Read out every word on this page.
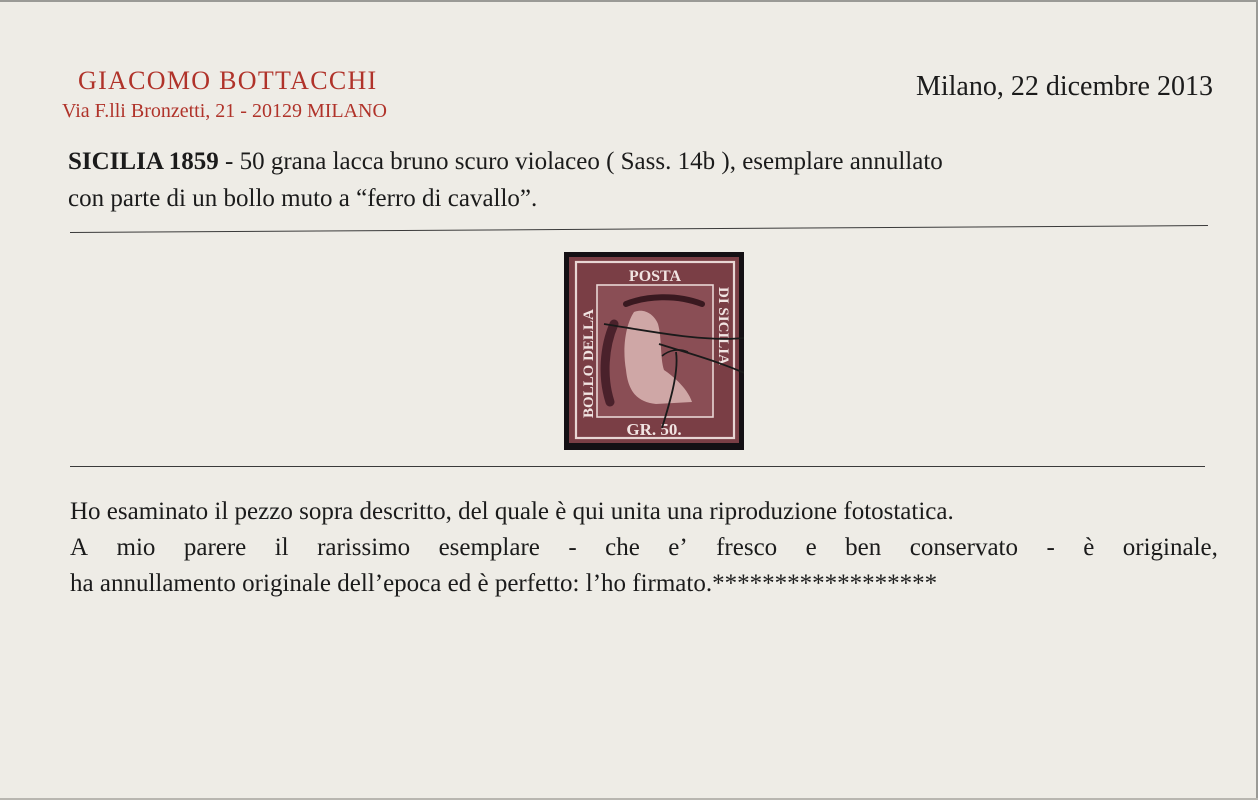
GIACOMO BOTTACCHI
Via F.lli Bronzetti, 21 - 20129 MILANO
Milano, 22 dicembre 2013
SICILIA 1859 - 50 grana lacca bruno scuro violaceo ( Sass. 14b ), esemplare annullato
con parte di un bollo muto a “ferro di cavallo”.
POSTA
BOLLO DELLA	DI SICILIA
GR. 50.
Ho esaminato il pezzo sopra descritto, del quale è qui unita una riproduzione fotostatica.
A mio parere il rarissimo esemplare - che e’ fresco e ben conservato - è originale,
ha annullamento originale dell’epoca ed è perfetto: l’ho firmato.******************
